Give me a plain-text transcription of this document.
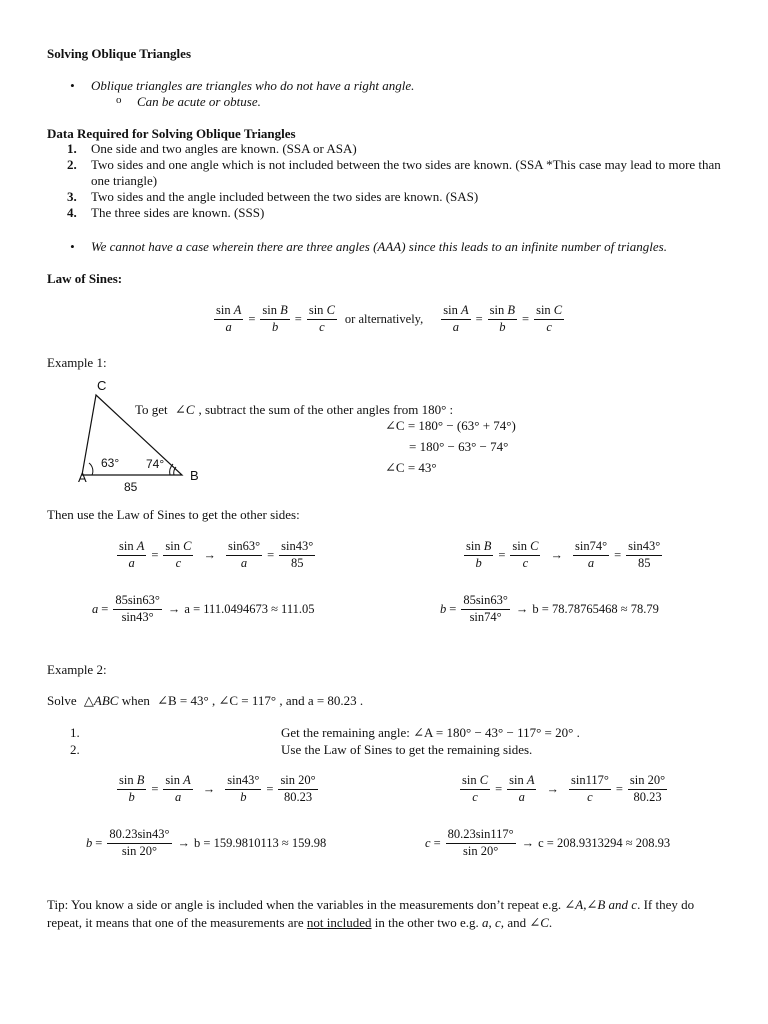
Solving Oblique Triangles
• Oblique triangles are triangles who do not have a right angle.
o Can be acute or obtuse.
Data Required for Solving Oblique Triangles
1. One side and two angles are known. (SSA or ASA)
2. Two sides and one angle which is not included between the two sides are known. (SSA *This case may lead to more than one triangle)
3. Two sides and the angle included between the two sides are known. (SAS)
4. The three sides are known. (SSS)
• We cannot have a case wherein there are three angles (AAA) since this leads to an infinite number of triangles.
Law of Sines:
$\frac{\text{sin A}}{a} = \frac{\text{sin B}}{b} = \frac{\text{sin C}}{c}$ or alternatively, $\frac{\text{sin A}}{a} = \frac{\text{sin B}}{b} = \frac{\text{sin C}}{c}$
Example 1:
C
A	B
63° 74°
85
To get ∠C , subtract the sum of the other angles from 180° :
∠C = 180° − (63° + 74°)
= 180° − 63° − 74°
∠C = 43°
Then use the Law of Sines to get the other sides:
$\frac{\text{sin A}}{a} = \frac{\text{sin C}}{c} \to \frac{\sin 63^\circ}{a} = \frac{\sin 43^\circ}{85}$	$\frac{\text{sin B}}{b} = \frac{\text{sin C}}{c} \to \frac{\sin 74^\circ}{a} = \frac{\sin 43^\circ}{85}$
$a = \frac{85\sin 63^\circ}{\sin 43^\circ} \to a = 111.0494673 \approx 111.05$	$b = \frac{85\sin 63^\circ}{\sin 74^\circ} \to b = 78.78765468 \approx 78.79$
Example 2:
Solve △ABC when ∠B = 43° , ∠C = 117° , and a = 80.23 .
1.	Get the remaining angle: ∠A = 180° − 43° − 117° = 20° .
2.	Use the Law of Sines to get the remaining sides.
$\frac{\text{sin B}}{b} = \frac{\text{sin A}}{a} \to \frac{\sin 43^\circ}{b} = \frac{\sin 20^\circ}{80.23}$	$\frac{\text{sin C}}{c} = \frac{\text{sin A}}{a} \to \frac{\sin 117^\circ}{c} = \frac{\sin 20^\circ}{80.23}$
$b = \frac{80.23\sin 43^\circ}{\sin 20^\circ} \to b = 159.9810113 \approx 159.98$	$c = \frac{80.23\sin 117^\circ}{\sin 20^\circ} \to c = 208.9313294 \approx 208.93$
Tip: You know a side or angle is included when the variables in the measurements don’t repeat e.g. ∠A,∠B and c. If they do repeat, it means that one of the measurements are not included in the other two e.g. a, c, and ∠C.
